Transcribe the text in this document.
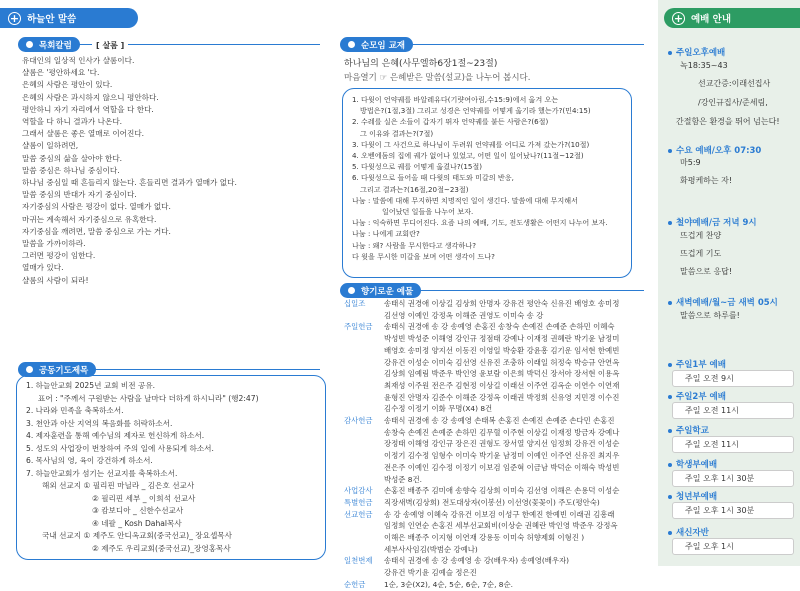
+ 하늘안 말씀
목회칼럼	[ 살롬 ]

유대인의 일상적 인사가 샬롬이다.

샬롬은 '평안하세요 '다.

은혜의 사람은 평안이 있다.

은혜의 사람은 과시하지 않으니 평안하다.

평안하니 자기 자리에서 역할을 다 한다.

역할을 다 하니 결과가 나온다.

그래서 샬롬은 좋은 열매로 이어진다.

샬롬이 일하려면,

말씀 중심의 삶을 살아야 한다.

말씀 중심은 하나님 중심이다.

하나님 중심일 때 흔들리지 않는다. 흔들리면 결과가 열매가 없다.

말씀 중심의 반대가 자기 중심이다.

자기중심의 사람은 평강이 없다. 열매가 없다.

마귀는 계속해서 자기중심으로 유혹한다.

자기중심을 깨려면, 말씀 중심으로 가는 거다.

말씀을 가까이하라.

그러면 평강이 임한다.

열매가 있다.

샬롬의 사람이 되라!

공동기도제목

1. 하늘안교회 2025년 교회 비전 공유.

표어 : "주께서 구원받는 사람을 날마다 더하게 하시니라" (행2:47)

2. 나라와 민족을 축복하소서.

3. 천안과 아산 지역의 복음화를 허락하소서.

4. 제자훈련을 통해 예수님의 제자로 헌신하게 하소서.

5. 성도의 사업장이 번창하여 주의 일에 사용되게 하소서.

6. 목사님의 영, 육이 강건하게 하소서.

7. 하늘안교회가 섬기는 선교지를 축복하소서.

해외 선교지 ① 필리핀 마닐라 _ 김은호 선교사

② 필리핀 세부 _ 이희석 선교사

③ 캄보디아 _ 신한수선교사

④ 네팔 _ Kosh Dahal목사

국내 선교지 ① 제주도 안디옥교회(중국선교)_ 장요셉목사

② 제주도 우리교회(중국선교)_장영홍목사

순모임 교재
하나님의 은혜(사무엘하6장1절~23절)
마음열기 ☞ 은혜받은 말씀(설교)을 나누어 봅시다.

1. 다윗이 언약궤를 바알레유다(기럇여아림,수15:9)에서 옮겨 오는

방법은?(1절,3절) 그리고 성경은 언약궤를 어떻게 옮기라 했는가?(민4:15)

2. 수레를 실은 소들이 갑자기 뛰자 언약궤를 붙든 사람은?(6절)

그 이유와 결과는?(7절)

3. 다윗이 그 사건으로 하나님이 두려워 언약궤를 어디로 가져 갔는가?(10절)

4. 오벧에돔의 집에 궤가 없어나 있었고, 어떤 일이 일어났나?(11절~12절)

5. 다윗성으로 궤를 어떻게 옮겼나?(15절)

6. 다윗성으로 들어올 때 다윗의 태도와 미갈의 반응,

그리고 결과는?(16절,20절~23절)

나눔 : 말씀에 대해 무지하면 치명적인 일이 생긴다. 말씀에 대해 무지해서

일어났던 일들을 나누어 보자.

나눔 : 익숙하면 무디어진다. 요즘 나의 예배, 기도, 전도생활은 어떤지 나누어 보자.

나눔 : 나에게 교회란?

나눔 : 왜? 사람을 무시한다고 생각하나?

다 윗을 무시한 미갈을 보며 어떤 생각이 드나?

향기로운 예물

십일조	송태식 권경애 이상길 김상희 안명자 강유건 평안숙 신유진 배영호 송미정

김선영 이예인 강정옥 이해준 권영도 이미숙 송 강

주일헌금	송태식 권경애 송 강 송예영 손홍진 송창숙 손예진 손예준 손하민 이혜숙

박성빈 박성준 이해영 강인규 정점태 강예나 이재정 권혜란 박기윤 남정미

배영호 송미정 양지선 이동진 이영일 박숭환 강윤흥 김기운 임서현 한예빈

강유건 이성순 이미숙 김선영 신유진 조충하 이래일 허정숙 박승규 안연옥

김상희 임예림 박준우 박인영 윤보람 이은희 박덕신 장서아 장서현 이용옥

최재성 이주원 전은주 김현정 이상길 이래선 이주연 김옥순 이연수 이연재

윤형진 안명자 김준수 이해준 강정옥 이래권 박정희 신유영 지민경 이수진

김수정 이정기 이화 무명(X4) 8건

감사헌금	송태식 권경애 송 강 송예영 손태복 손홍진 손예진 손예준 손다민 손홍진

송창숙 손예진 손예준 손하민 김무혈 이주현 이상길 이재정 방금자 강예나

장정태 이해영 강인규 장은진 권형도 장서열 양지선 임정희 강유건 이성순

이정기 김수정 임형수 이미숙 박기윤 남정미 이예인 이주연 신유진 최지우

전은주 이예인 김수정 이정기 이보검 임준혁 이금남 박덕순 이해숙 박성빈

박성준 8건.

사업감사	손홍진 배종주 김미애 송향숙 김상희 이미숙 김선영 이해은 손용덕 이성순

특별헌금	직장새벽(김상희) 전도대상자(이봉선) 이선영(꽃꽂이) 주도(평안숙)

선교헌금	송 강 송예영 이혜숙 강유건 이보검 이성구 한예진 한예빈 이래권 김흥래

임정희 인연순 손홍진 세부선교회비(이상순 권혜란 박인영 박준우 강정옥

이해은 배종주 이지형 이연재 강용동 이미숙 허향제회 이형진 )

세부사사임김(박범순 강예나)

일천번제	송태식 권경애 송 강 송예영 송 강(배우자) 송예영(배우자)

강유건 박기윤 김예슬 정은진

순헌금	1순, 3순(X2), 4순, 5순, 6순, 7순, 8순.

+ 예배 안내
주일오후예배
녹18:35~43
선교간증:이래선집사
/강인규집사/준세림,
간절함은 환경을 뛰어 넘는다!
수요 예배/오후 07:30
마5:9
화평케하는 자!
철야예배/금 저녁 9시
뜨겁게 찬양
뜨겁게 기도
말씀으로 응답!
새벽예배/월~금 새벽 05시
말씀으로 하루를!
주일1부 예배
주일 오전 9시
주일2부 예배
주일 오전 11시
주일학교
주일 오전 11시
학생부예배
주일 오후 1시 30분
청년부예배
주일 오후 1시 30분
새신자반
주일 오후 1시
